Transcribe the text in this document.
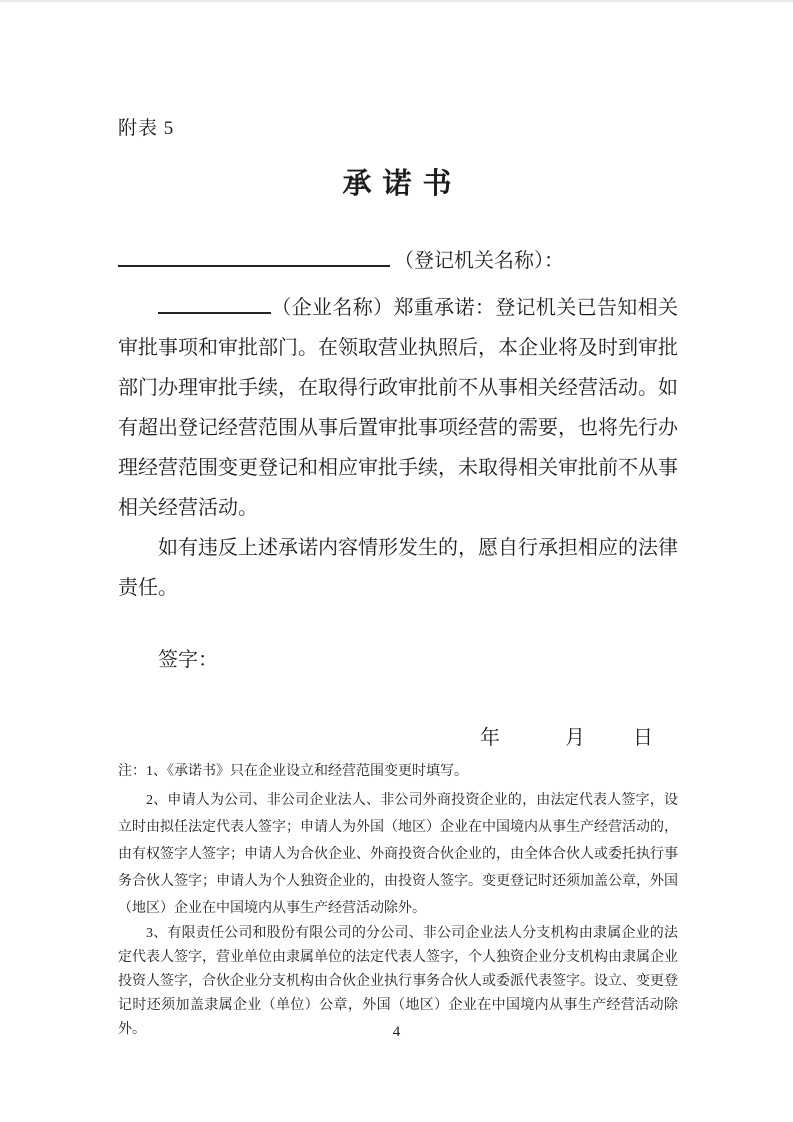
附表 5
承诺书
（登记机关名称）：

（企业名称）郑重承诺：登记机关已告知相关审批事项和审批部门。在领取营业执照后，本企业将及时到审批部门办理审批手续，在取得行政审批前不从事相关经营活动。如有超出登记经营范围从事后置审批事项经营的需要，也将先行办理经营范围变更登记和相应审批手续，未取得相关审批前不从事相关经营活动。

如有违反上述承诺内容情形发生的，愿自行承担相应的法律责任。

签字：
年	月 日

注：1、《承诺书》只在企业设立和经营范围变更时填写。

2、申请人为公司、非公司企业法人、非公司外商投资企业的，由法定代表人签字，设立时由拟任法定代表人签字；申请人为外国（地区）企业在中国境内从事生产经营活动的，由有权签字人签字；申请人为合伙企业、外商投资合伙企业的，由全体合伙人或委托执行事务合伙人签字；申请人为个人独资企业的，由投资人签字。变更登记时还须加盖公章，外国（地区）企业在中国境内从事生产经营活动除外。

3、有限责任公司和股份有限公司的分公司、非公司企业法人分支机构由隶属企业的法定代表人签字，营业单位由隶属单位的法定代表人签字，个人独资企业分支机构由隶属企业投资人签字，合伙企业分支机构由合伙企业执行事务合伙人或委派代表签字。设立、变更登记时还须加盖隶属企业（单位）公章，外国（地区）企业在中国境内从事生产经营活动除外。	4
